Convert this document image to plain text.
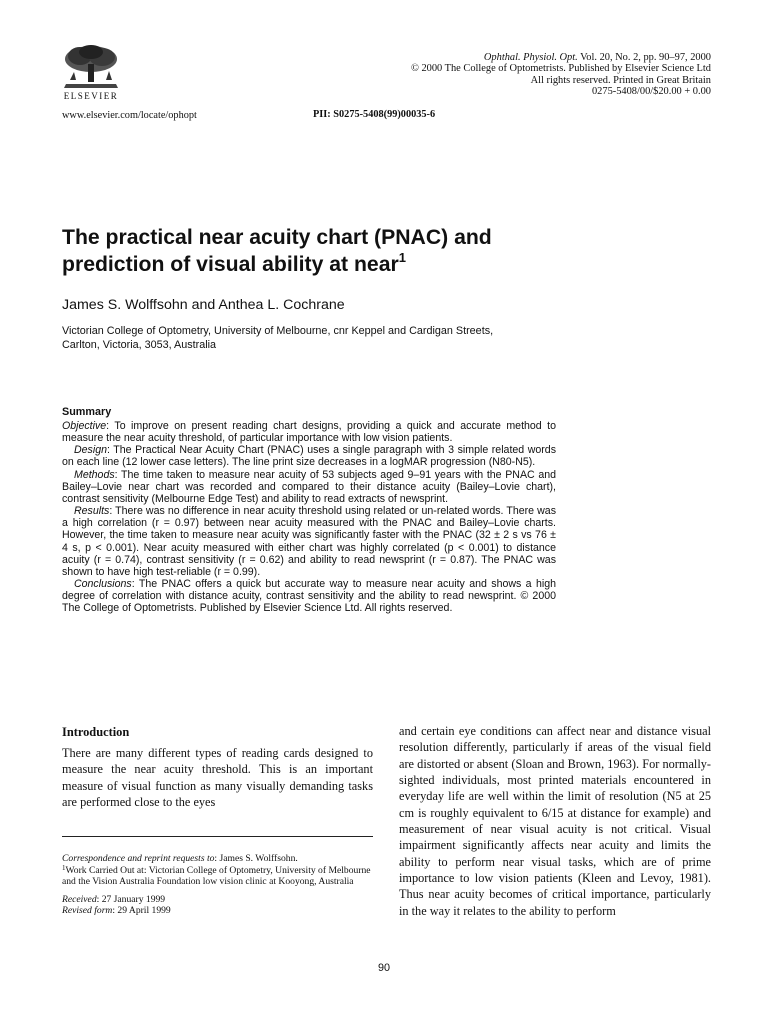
ELSEVIER
Ophthal. Physiol. Opt. Vol. 20, No. 2, pp. 90–97, 2000
© 2000 The College of Optometrists. Published by Elsevier Science Ltd
All rights reserved. Printed in Great Britain
0275-5408/00/$20.00 + 0.00
www.elsevier.com/locate/ophopt	PII: S0275-5408(99)00035-6
The practical near acuity chart (PNAC) and
prediction of visual ability at near$^1$
James S. Wolffsohn and Anthea L. Cochrane
Victorian College of Optometry, University of Melbourne, cnr Keppel and Cardigan Streets,
Carlton, Victoria, 3053, Australia
Summary

Objective: To improve on present reading chart designs, providing a quick and accurate method to measure the near acuity threshold, of particular importance with low vision patients.

Design: The Practical Near Acuity Chart (PNAC) uses a single paragraph with 3 simple related words on each line (12 lower case letters). The line print size decreases in a logMAR progression (N80-N5).

Methods: The time taken to measure near acuity of 53 subjects aged 9–91 years with the PNAC and Bailey–Lovie near chart was recorded and compared to their distance acuity (Bailey–Lovie chart), contrast sensitivity (Melbourne Edge Test) and ability to read extracts of newsprint.

Results: There was no difference in near acuity threshold using related or un-related words. There was a high correlation (r = 0.97) between near acuity measured with the PNAC and Bailey–Lovie charts. However, the time taken to measure near acuity was significantly faster with the PNAC (32 ± 2 s vs 76 ± 4 s, p < 0.001). Near acuity measured with either chart was highly correlated (p < 0.001) to distance acuity (r = 0.74), contrast sensitivity (r = 0.62) and ability to read newsprint (r = 0.87). The PNAC was shown to have high test-reliable (r = 0.99).

Conclusions: The PNAC offers a quick but accurate way to measure near acuity and shows a high degree of correlation with distance acuity, contrast sensitivity and the ability to read newsprint. © 2000 The College of Optometrists. Published by Elsevier Science Ltd. All rights reserved.

Introduction

There are many different types of reading cards designed to measure the near acuity threshold. This is an important measure of visual function as many visually demanding tasks are performed close to the eyes

and certain eye conditions can affect near and distance visual resolution differently, particularly if areas of the visual field are distorted or absent (Sloan and Brown, 1963). For normally-sighted individuals, most printed materials encountered in everyday life are well within the limit of resolution (N5 at 25 cm is roughly equivalent to 6/15 at distance for example) and measurement of near visual acuity is not critical. Visual impairment significantly affects near acuity and limits the ability to perform near visual tasks, which are of prime importance to low vision patients (Kleen and Levoy, 1981). Thus near acuity becomes of critical importance, particularly in the way it relates to the ability to perform

Correspondence and reprint requests to: James S. Wolffsohn.

$^1$Work Carried Out at: Victorian College of Optometry, University of Melbourne and the Vision Australia Foundation low vision clinic at Kooyong, Australia

Received: 27 January 1999

Revised form: 29 April 1999

90
